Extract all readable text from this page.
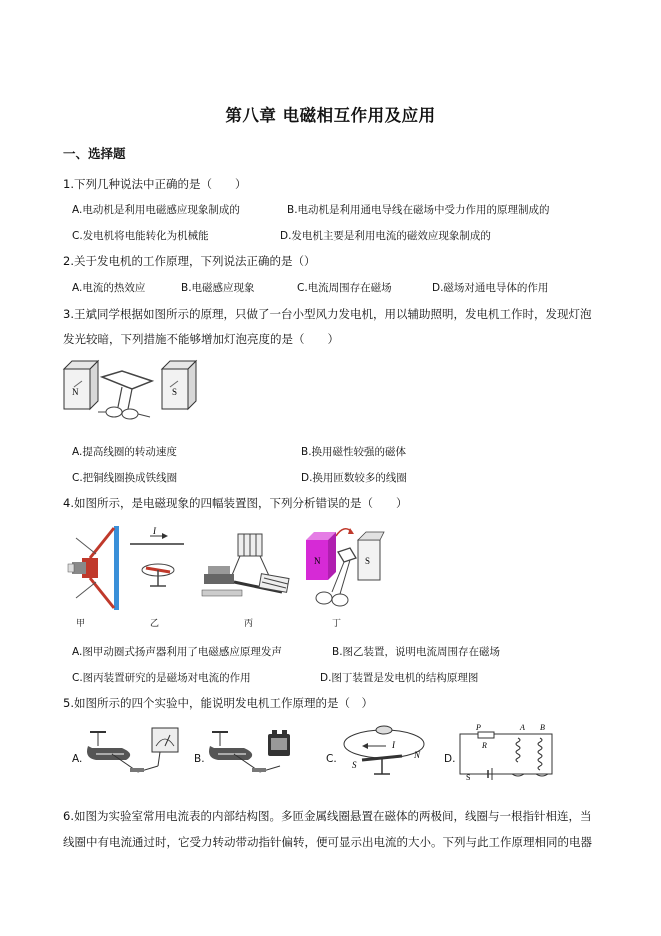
第八章 电磁相互作用及应用
一、选择题
1.下列几种说法中正确的是（　　）
A.电动机是利用电磁感应现象制成的	B.电动机是利用通电导线在磁场中受力作用的原理制成的
C.发电机将电能转化为机械能	D.发电机主要是利用电流的磁效应现象制成的
2.关于发电机的工作原理，下列说法正确的是（）
A.电流的热效应	B.电磁感应现象	C.电流周围存在磁场	D.磁场对通电导体的作用
3.王斌同学根据如图所示的原理，只做了一台小型风力发电机，用以辅助照明，发电机工作时，发现灯泡
发光较暗，下列措施不能够增加灯泡亮度的是（　　）
N	S
A.提高线圈的转动速度	B.换用磁性较强的磁体
C.把铜线圈换成铁线圈	D.换用匝数较多的线圈
4.如图所示，是电磁现象的四幅装置图，下列分析错误的是（　　）
甲
I
乙	丙
N	S
丁
A.图甲动圈式扬声器利用了电磁感应原理发声	B.图乙装置，说明电流周围存在磁场
C.图丙装置研究的是磁场对电流的作用	D.图丁装置是发电机的结构原理图
5.如图所示的四个实验中，能说明发电机工作原理的是（　）
A.	B.	C.
I
S
N D.
P
R
A B
S
6.如图为实验室常用电流表的内部结构图。多匝金属线圈悬置在磁体的两极间，线圈与一根指针相连，当
线圈中有电流通过时，它受力转动带动指针偏转，便可显示出电流的大小。下列与此工作原理相同的电器
